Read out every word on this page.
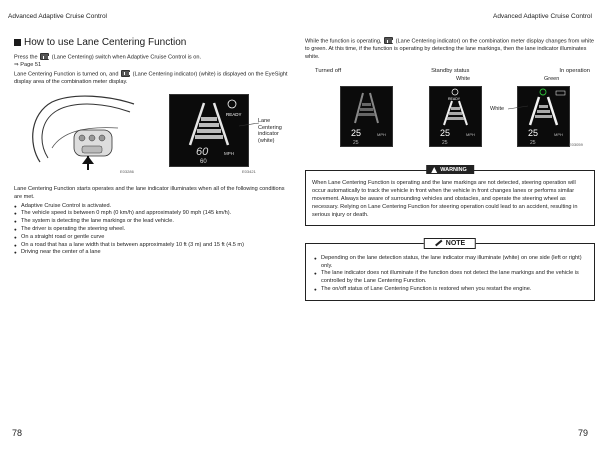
Advanced Adaptive Cruise Control	Advanced Adaptive Cruise Control
How to use Lane Centering Function

Press the	(Lane Centering) switch when Adaptive Cruise Control is on.

⇒ Page 51

Lane Centering Function is turned on, and	(Lane Centering indicator) (white) is displayed on the EyeSight display area of the combination meter display.

READY
60
60
MPH
Lane
Centering
indicator
(white)
E03286	E03421

Lane Centering Function starts operates and the lane indicator illuminates when all of the following conditions are met.

● Adaptive Cruise Control is activated.
● The vehicle speed is between 0 mph (0 km/h) and approximately 90 mph (145 km/h).
● The system is detecting the lane markings or the lead vehicle.
● The driver is operating the steering wheel.
● On a straight road or gentle curve
● On a road that has a lane width that is between approximately 10 ft (3 m) and 15 ft (4.5 m)
● Driving near the center of a lane

While the function is operating,	(Lane Centering indicator) on the combination meter display changes from white to green. At this time, if the function is operating by detecting the lane markings, then the lane indicator illuminates white.

Turned off	Standby status	In operation
White	Green
25
25
MPH
READY
25
25
MPH	25
25
MPH
White
E03059
WARNING

When Lane Centering Function is operating and the lane markings are not detected, steering operation will occur automatically to track the vehicle in front when the vehicle in front changes lanes or performs similar movement. Always be aware of surrounding vehicles and obstacles, and operate the steering wheel as necessary. Relying on Lane Centering Function for steering operation could lead to an accident, resulting in serious injury or death.

NOTE
● Depending on the lane detection status, the lane indicator may illuminate (white) on one side (left or right) only.
● The lane indicator does not illuminate if the function does not detect the lane markings and the vehicle is controlled by the Lane Centering Function.
● The on/off status of Lane Centering Function is restored when you restart the engine.
78	79
